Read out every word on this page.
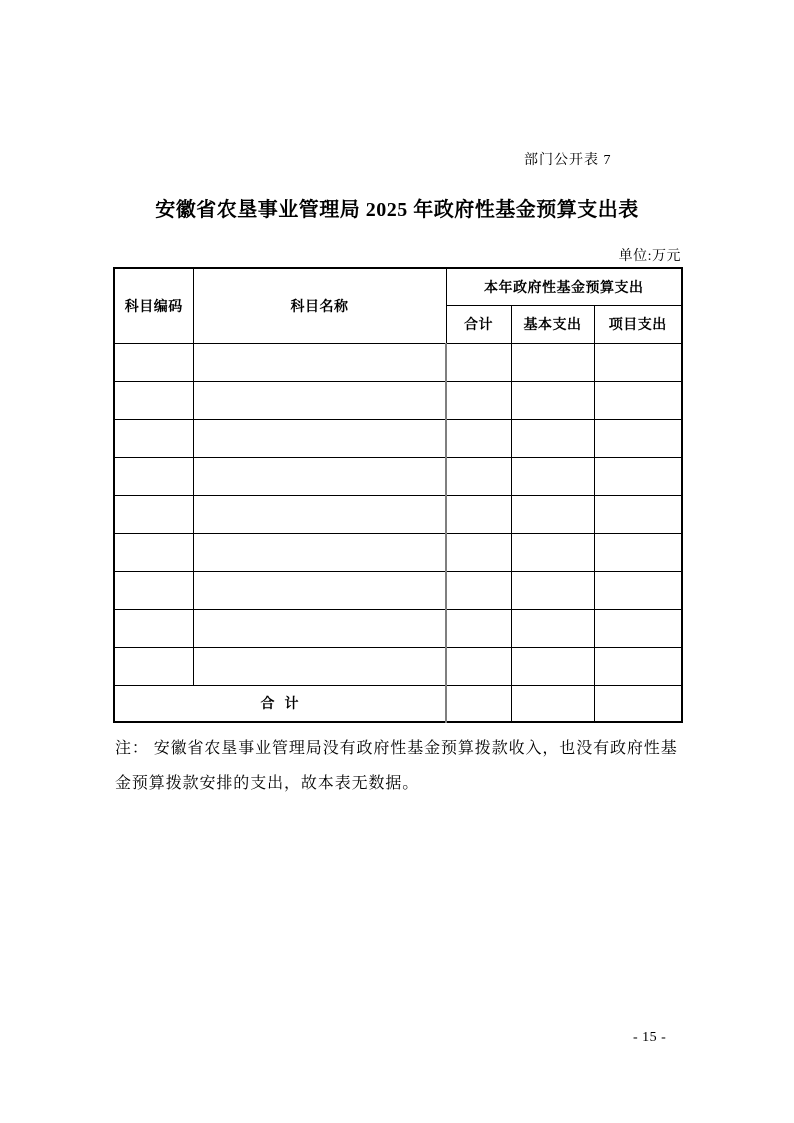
部门公开表 7
安徽省农垦事业管理局 2025 年政府性基金预算支出表
单位:万元
科目编码	科目名称	本年政府性基金预算支出		
		合计	基本支出	项目支出

合  计				
注： 安徽省农垦事业管理局没有政府性基金预算拨款收入，也没有政府性基
金预算拨款安排的支出，故本表无数据。
- 15 -
